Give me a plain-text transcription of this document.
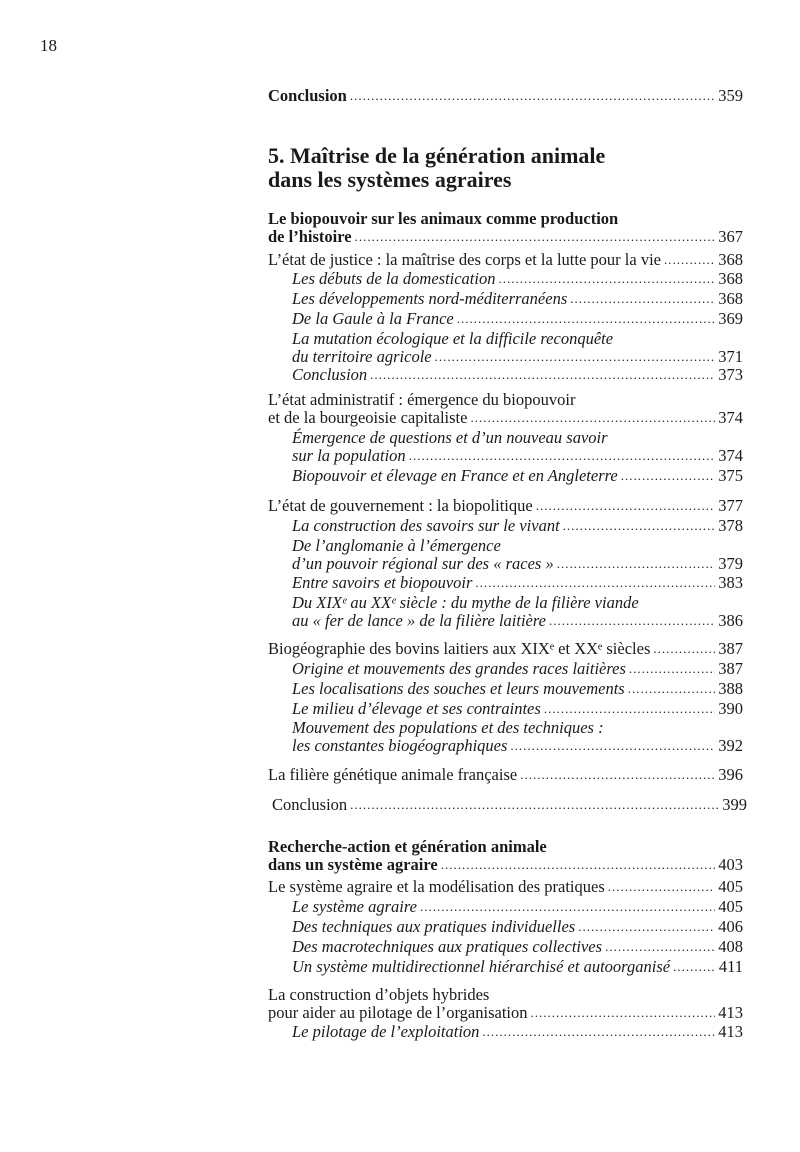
18
5. Maîtrise de la génération animale
dans les systèmes agraires
Conclusion .....	359
Le biopouvoir sur les animaux comme production
de l’histoire .....	367
L’état de justice : la maîtrise des corps et la lutte pour la vie .....	368
Les débuts de la domestication .....	368
Les développements nord-méditerranéens .....	368
De la Gaule à la France .....	369
La mutation écologique et la difficile reconquête
du territoire agricole .....	371
Conclusion .....	373
L’état administratif : émergence du biopouvoir
et de la bourgeoisie capitaliste .....	374
Émergence de questions et d’un nouveau savoir
sur la population .....	374
Biopouvoir et élevage en France et en Angleterre .....	375
L’état de gouvernement : la biopolitique .....	377
La construction des savoirs sur le vivant .....	378
De l’anglomanie à l’émergence
d’un pouvoir régional sur des « races » .....	379
Entre savoirs et biopouvoir .....	383
Du XIXᵉ au XXᵉ siècle : du mythe de la filière viande
au « fer de lance » de la filière laitière .....	386
Biogéographie des bovins laitiers aux XIXᵉ et XXᵉ siècles .....	387
Origine et mouvements des grandes races laitières .....	387
Les localisations des souches et leurs mouvements .....	388
Le milieu d’élevage et ses contraintes .....	390
Mouvement des populations et des techniques :
les constantes biogéographiques .....	392
La filière génétique animale française .....	396
Conclusion .....	399
Recherche-action et génération animale
dans un système agraire .....	403
Le système agraire et la modélisation des pratiques .....	405
Le système agraire .....	405
Des techniques aux pratiques individuelles .....	406
Des macrotechniques aux pratiques collectives .....	408
Un système multidirectionnel hiérarchisé et autoorganisé .....	411
La construction d’objets hybrides
pour aider au pilotage de l’organisation .....	413
Le pilotage de l’exploitation .....	413
